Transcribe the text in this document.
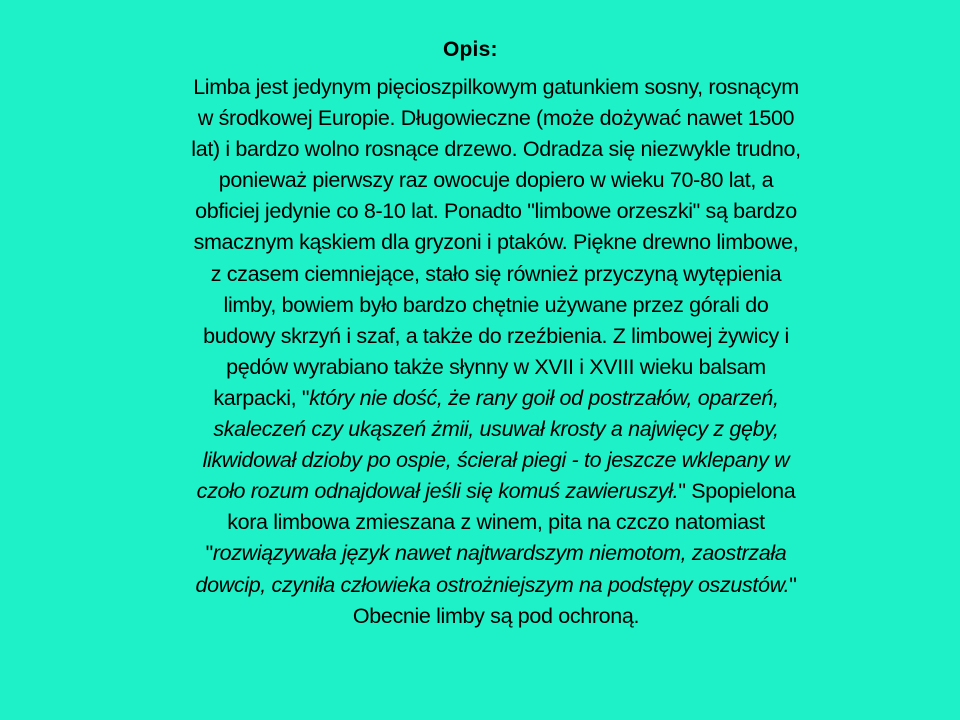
Opis:
Limba jest jedynym pięcioszpilkowym gatunkiem sosny, rosnącym
w środkowej Europie. Długowieczne (może dożywać nawet 1500
lat) i bardzo wolno rosnące drzewo. Odradza się niezwykle trudno,
ponieważ pierwszy raz owocuje dopiero w wieku 70-80 lat, a
obficiej jedynie co 8-10 lat. Ponadto "limbowe orzeszki" są bardzo
smacznym kąskiem dla gryzoni i ptaków. Piękne drewno limbowe,
z czasem ciemniejące, stało się również przyczyną wytępienia
limby, bowiem było bardzo chętnie używane przez górali do
budowy skrzyń i szaf, a także do rzeźbienia. Z limbowej żywicy i
pędów wyrabiano także słynny w XVII i XVIII wieku balsam
karpacki, "który nie dość, że rany goił od postrzałów, oparzeń,
skaleczeń czy ukąszeń żmii, usuwał krosty a najwięcy z gęby,
likwidował dzioby po ospie, ścierał piegi - to jeszcze wklepany w
czoło rozum odnajdował jeśli się komuś zawieruszył." Spopielona
kora limbowa zmieszana z winem, pita na czczo natomiast
"rozwiązywała język nawet najtwardszym niemotom, zaostrzała
dowcip, czyniła człowieka ostrożniejszym na podstępy oszustów."
Obecnie limby są pod ochroną.
